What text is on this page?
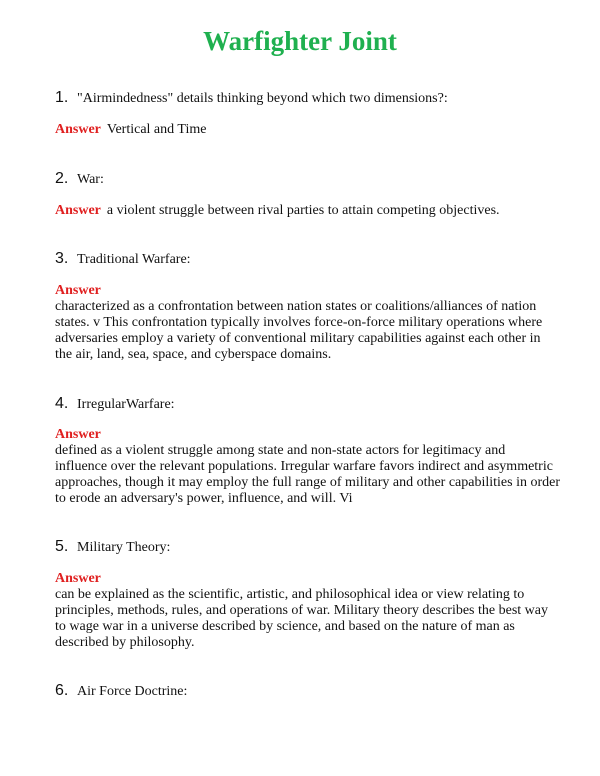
Warfighter Joint
1. "Airmindedness" details thinking beyond which two dimensions?:
Answer Vertical and Time
2. War:
Answer a violent struggle between rival parties to attain competing objectives.
3. Traditional Warfare:
Answer
characterized as a confrontation between nation states or coalitions/alliances of nation states. v This confrontation typically involves force-on-force military operations where adversaries employ a variety of conventional military capabilities against each other in the air, land, sea, space, and cyberspace domains.
4. IrregularWarfare:
Answer
defined as a violent struggle among state and non-state actors for legitimacy and influence over the relevant populations. Irregular warfare favors indirect and asymmetric approaches, though it may employ the full range of military and other capabilities in order to erode an adversary's power, influence, and will. Vi
5. Military Theory:
Answer
can be explained as the scientific, artistic, and philosophical idea or view relating to principles, methods, rules, and operations of war. Military theory describes the best way to wage war in a universe described by science, and based on the nature of man as described by philosophy.
6. Air Force Doctrine:
